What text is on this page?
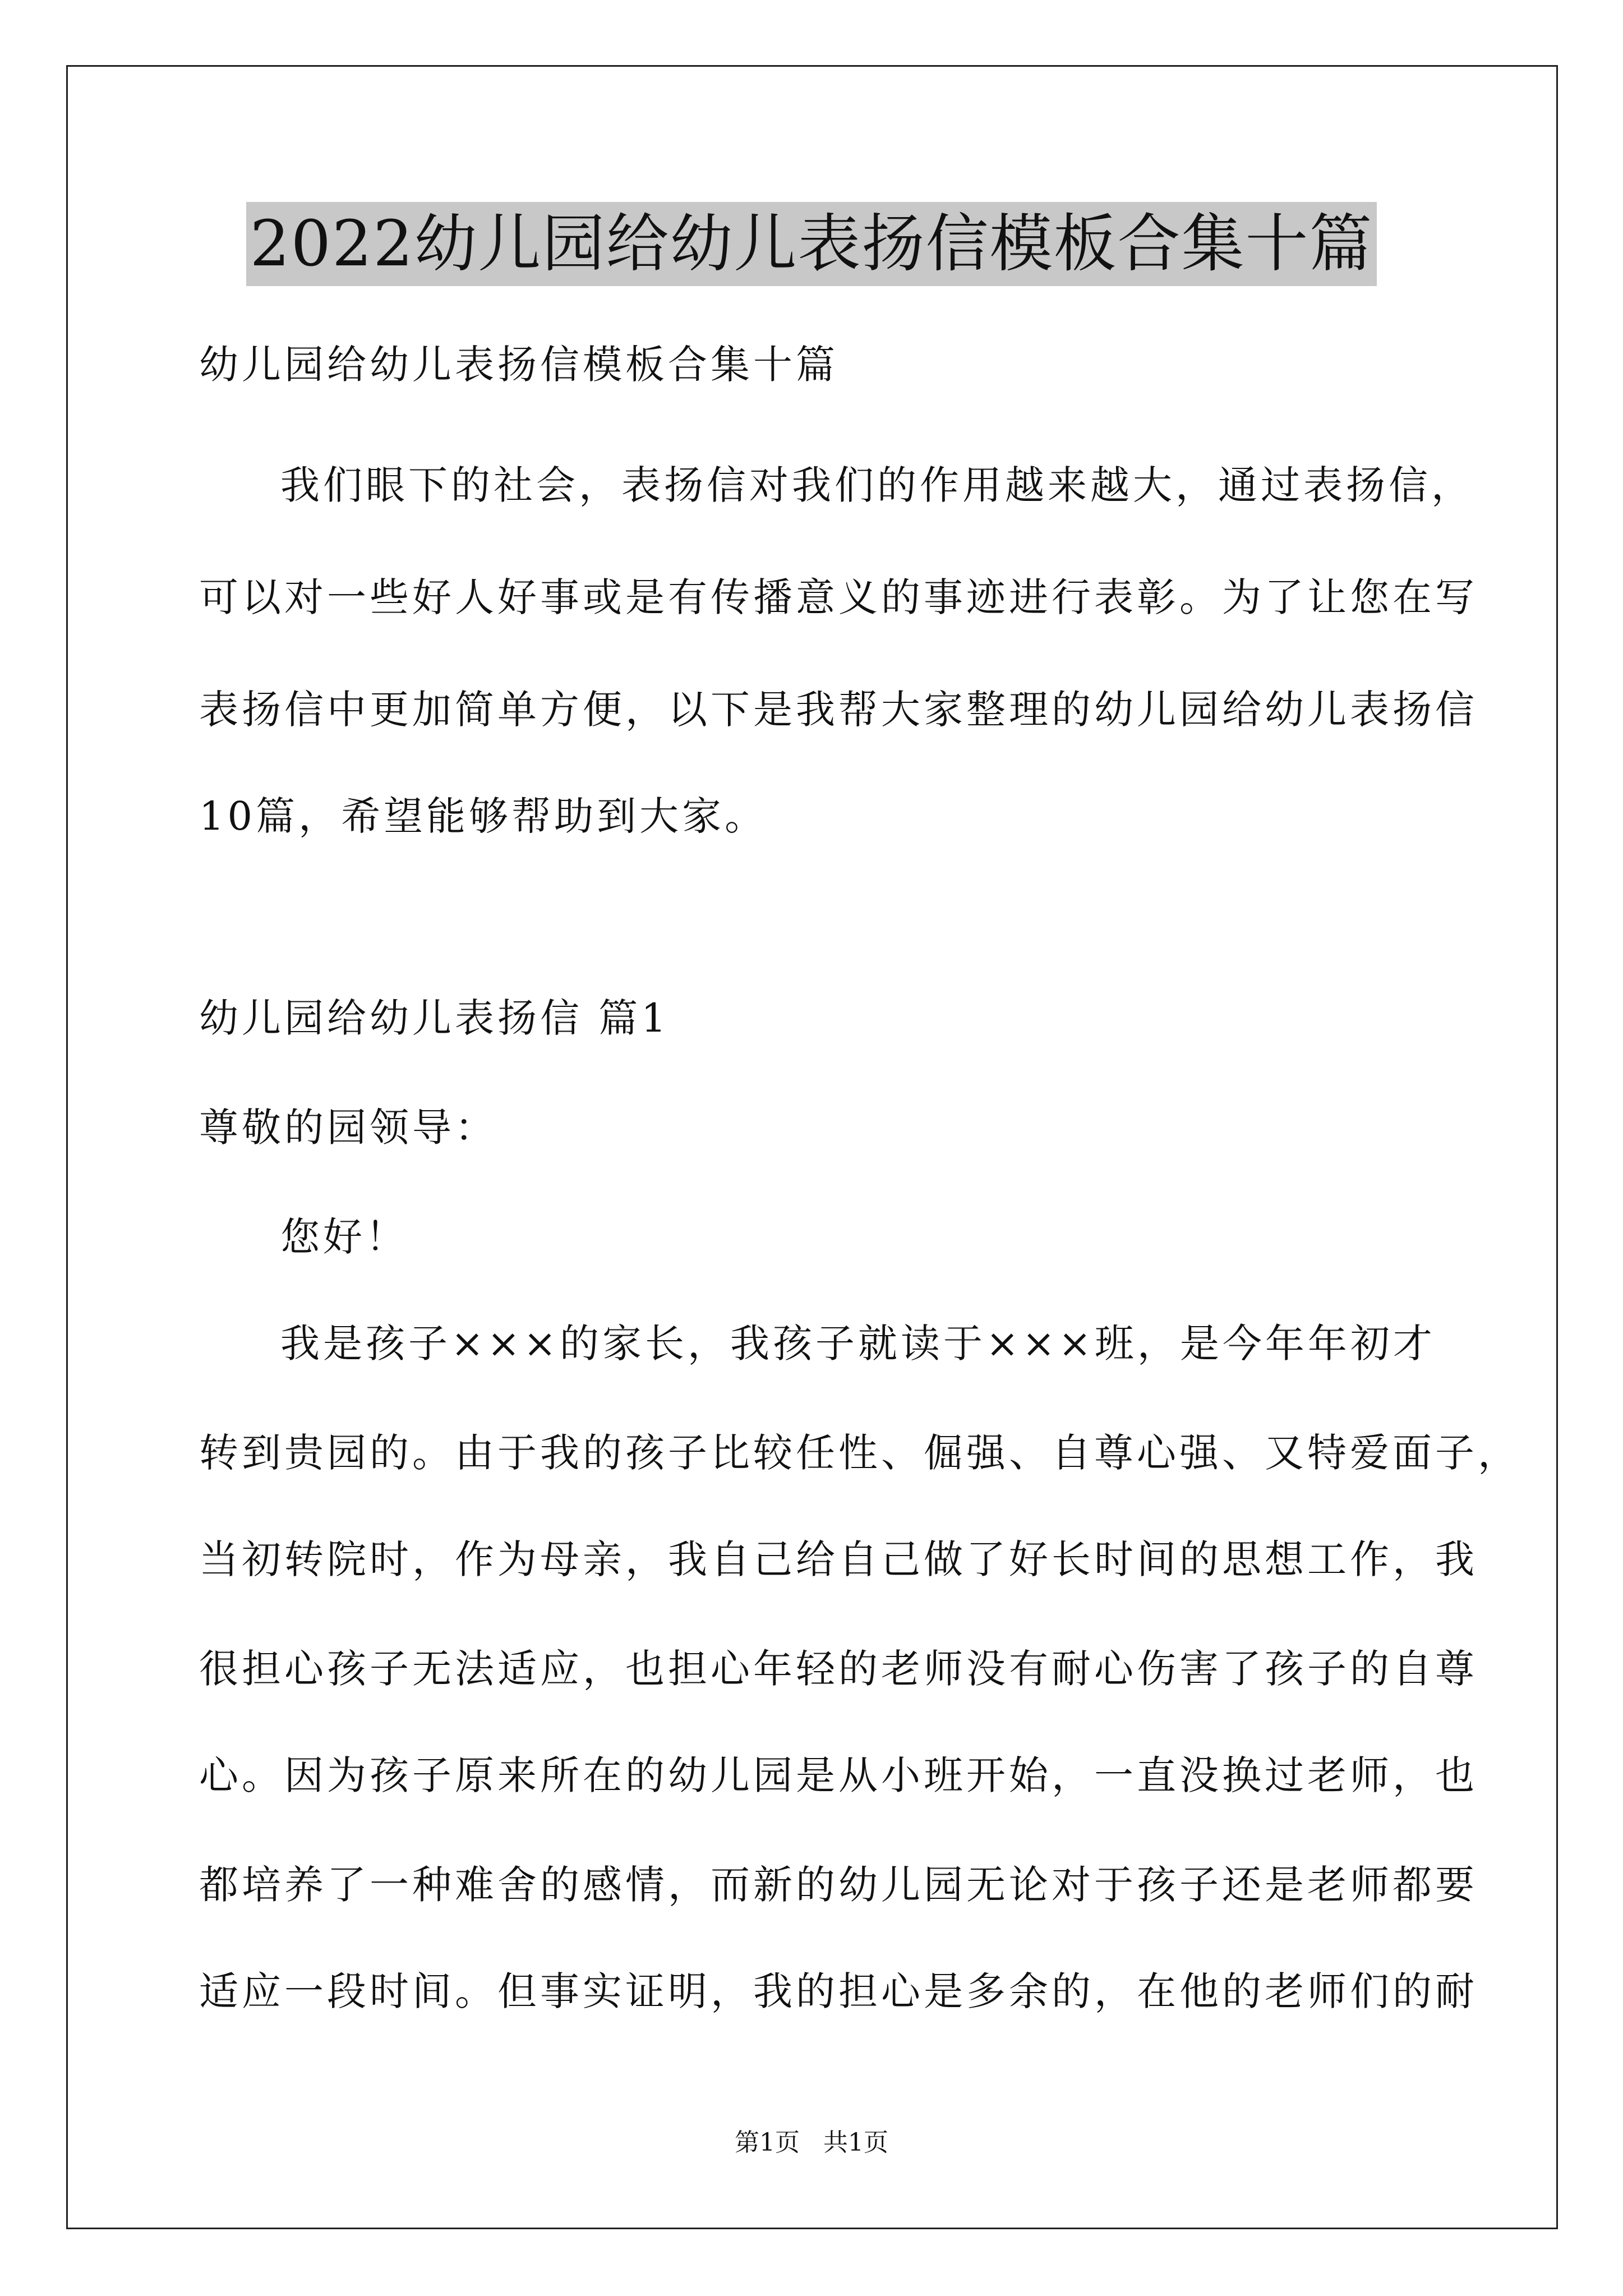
2022幼儿园给幼儿表扬信模板合集十篇
幼儿园给幼儿表扬信模板合集十篇
我们眼下的社会，表扬信对我们的作用越来越大，通过表扬信，
可以对一些好人好事或是有传播意义的事迹进行表彰。为了让您在写
表扬信中更加简单方便，以下是我帮大家整理的幼儿园给幼儿表扬信
10篇，希望能够帮助到大家。
幼儿园给幼儿表扬信 篇1
尊敬的园领导：
您好！
我是孩子×××的家长，我孩子就读于×××班，是今年年初才
转到贵园的。由于我的孩子比较任性、倔强、自尊心强、又特爱面子，
当初转院时，作为母亲，我自己给自己做了好长时间的思想工作，我
很担心孩子无法适应，也担心年轻的老师没有耐心伤害了孩子的自尊
心。因为孩子原来所在的幼儿园是从小班开始，一直没换过老师，也
都培养了一种难舍的感情，而新的幼儿园无论对于孩子还是老师都要
适应一段时间。但事实证明，我的担心是多余的，在他的老师们的耐
第1页   共1页
